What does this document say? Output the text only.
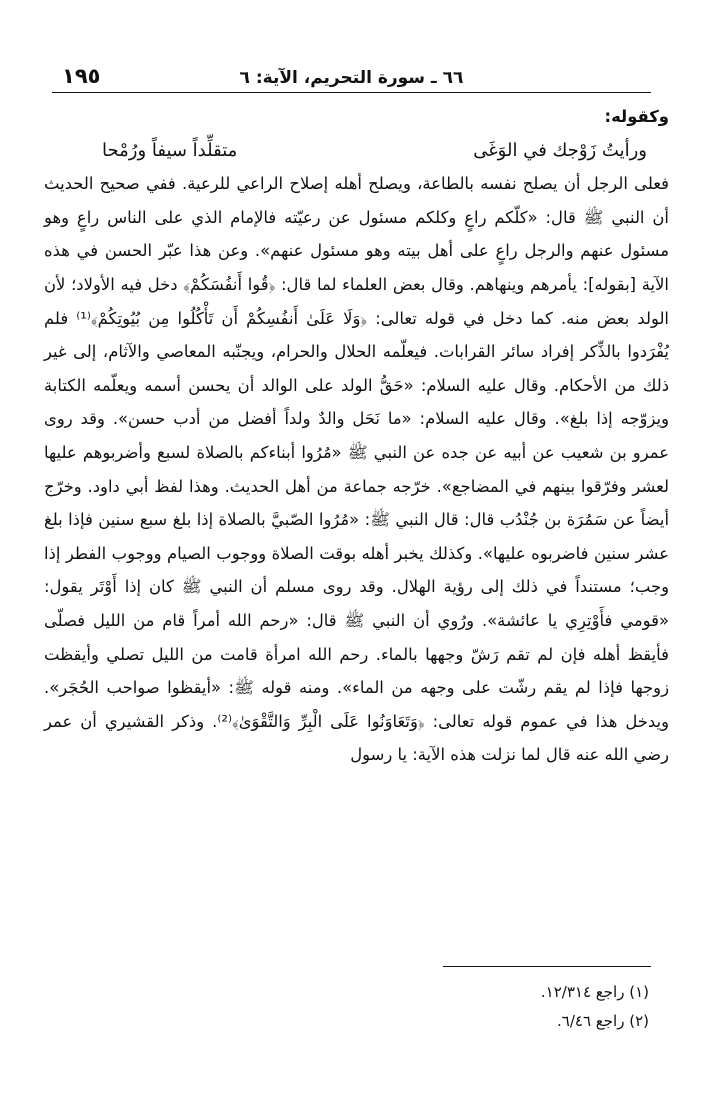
٦٦ ـ سورة التحريم، الآية: ٦
١٩٥
وكقوله:
ورأيتُ زَوْجك في الوَغَى
متقلِّداً سيفاً ورُمْحا

فعلى الرجل أن يصلح نفسه بالطاعة، ويصلح أهله إصلاح الراعي للرعية. ففي صحيح الحديث أن النبي ﷺ قال: «كلّكم راعٍ وكلكم مسئول عن رعيّته فالإمام الذي على الناس راعٍ وهو مسئول عنهم والرجل راعٍ على أهل بيته وهو مسئول عنهم». وعن هذا عبّر الحسن في هذه الآية [بقوله]: يأمرهم وينهاهم. وقال بعض العلماء لما قال: ﴿قُوا أَنفُسَكُمْ﴾ دخل فيه الأولاد؛ لأن الولد بعض منه. كما دخل في قوله تعالى: ﴿وَلَا عَلَىٰ أَنفُسِكُمْ أَن تَأْكُلُوا مِن بُيُوتِكُمْ﴾⁽¹⁾ فلم يُفْرَدوا بالذِّكر إفراد سائر القرابات. فيعلّمه الحلال والحرام، ويجنّبه المعاصي والآثام، إلى غير ذلك من الأحكام. وقال عليه السلام: «حَقُّ الولد على الوالد أن يحسن أسمه ويعلّمه الكتابة ويزوّجه إذا بلغ». وقال عليه السلام: «ما نَحَل والدٌ ولداً أفضل من أدب حسن». وقد روى عمرو بن شعيب عن أبيه عن جده عن النبي ﷺ «مُرُوا أبناءكم بالصلاة لسبع وأضربوهم عليها لعشر وفرّقوا بينهم في المضاجع». خرّجه جماعة من أهل الحديث. وهذا لفظ أبي داود. وخرّج أيضاً عن سَمُرَة بن جُنْدُب قال: قال النبي ﷺ: «مُرُوا الصّبيَّ بالصلاة إذا بلغ سبع سنين فإذا بلغ عشر سنين فاضربوه عليها». وكذلك يخبر أهله بوقت الصلاة ووجوب الصيام ووجوب الفطر إذا وجب؛ مستنداً في ذلك إلى رؤية الهلال. وقد روى مسلم أن النبي ﷺ كان إذا أَوْتَر يقول: «قومي فأَوْتِرِي يا عائشة». ورُوي أن النبي ﷺ قال: «رحم الله أمراً قام من الليل فصلّى فأيقظ أهله فإن لم تقم رَشّ وجهها بالماء. رحم الله امرأة قامت من الليل تصلي وأيقظت زوجها فإذا لم يقم رشّت على وجهه من الماء». ومنه قوله ﷺ: «أيقظوا صواحب الحُجَر». ويدخل هذا في عموم قوله تعالى: ﴿وَتَعَاوَنُوا عَلَى الْبِرِّ وَالتَّقْوَىٰ﴾⁽²⁾. وذكر القشيري أن عمر رضي الله عنه قال لما نزلت هذه الآية: يا رسول

(١) راجع ١٢/٣١٤.
(٢) راجع ٦/٤٦.
